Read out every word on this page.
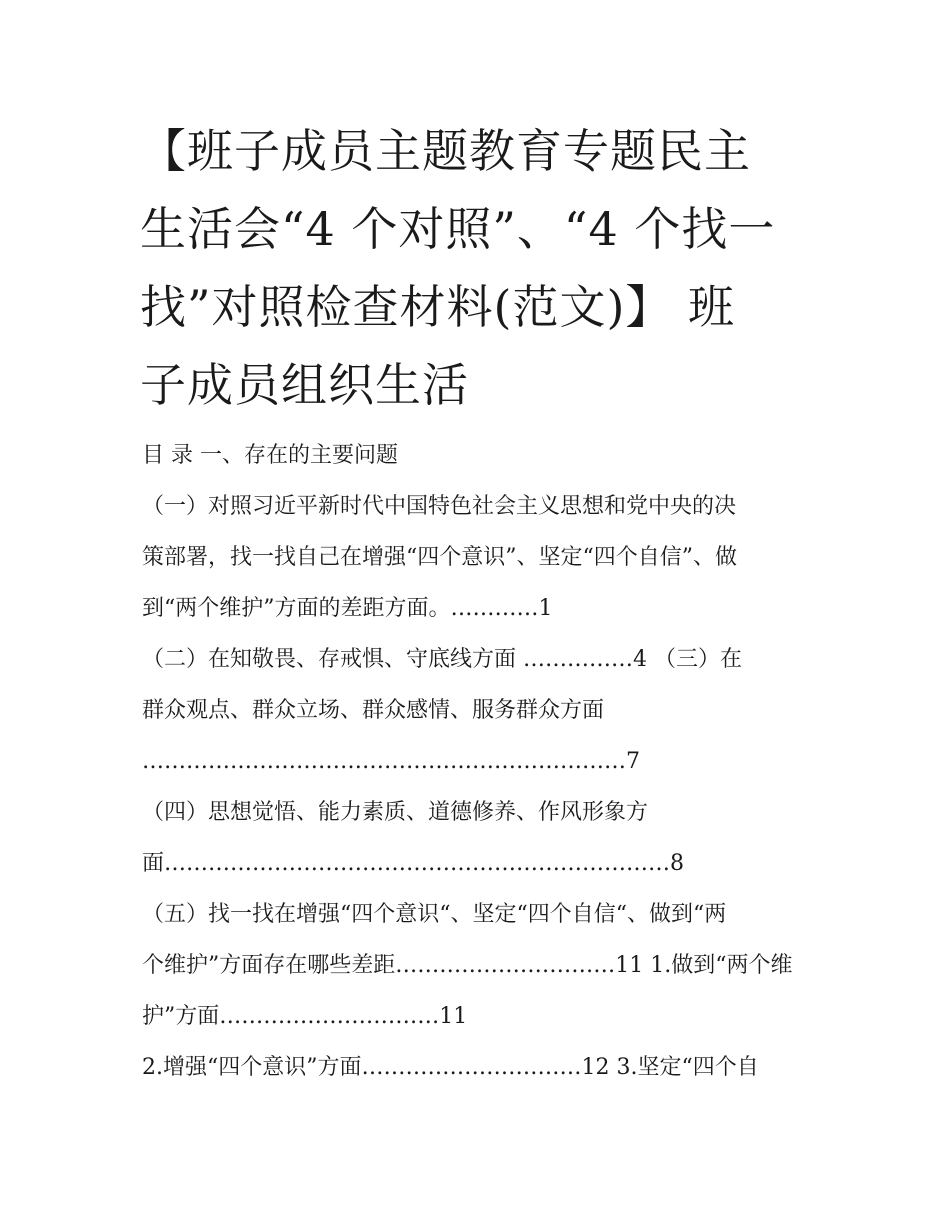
【班子成员主题教育专题民主
生活会“4 个对照”、“4 个找一
找”对照检查材料(范文)】 班
子成员组织生活
目 录 一、存在的主要问题
（一）对照习近平新时代中国特色社会主义思想和党中央的决
策部署，找一找自己在增强“四个意识”、坚定“四个自信”、做
到“两个维护”方面的差距方面。…………1
（二）在知敬畏、存戒惧、守底线方面 ……………4 （三）在
群众观点、群众立场、群众感情、服务群众方面
…………………………………………………………7
（四）思想觉悟、能力素质、道德修养、作风形象方
面……………………………………………………………8
（五）找一找在增强“四个意识“、坚定“四个自信“、做到“两
个维护”方面存在哪些差距…………………………11 1.做到“两个维
护”方面…………………………11
2.增强“四个意识”方面…………………………12 3.坚定“四个自
